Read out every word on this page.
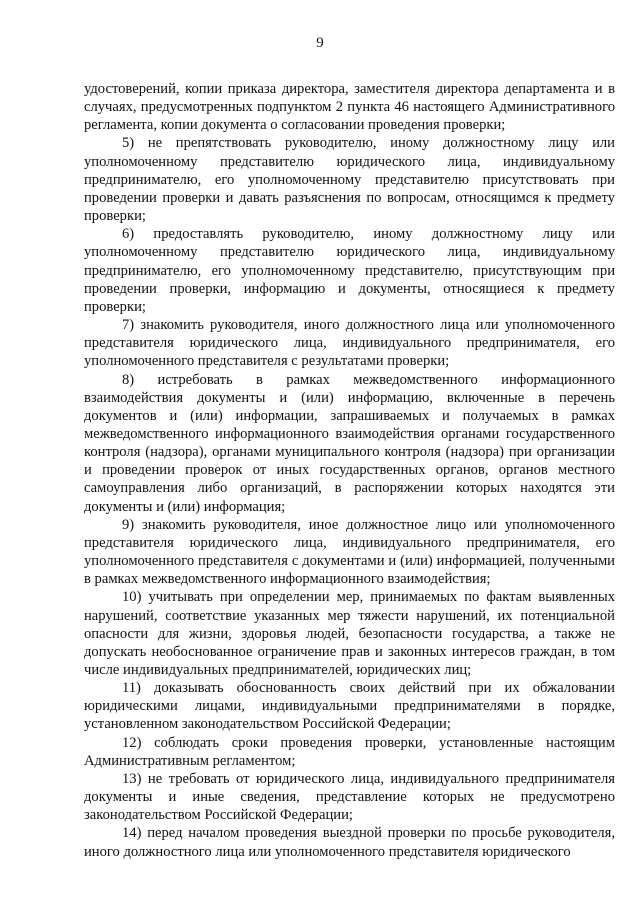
9

удостоверений, копии приказа директора, заместителя директора департамента и в случаях, предусмотренных подпунктом 2 пункта 46 настоящего Административного регламента, копии документа о согласовании проведения проверки;

5) не препятствовать руководителю, иному должностному лицу или уполномоченному представителю юридического лица, индивидуальному предпринимателю, его уполномоченному представителю присутствовать при проведении проверки и давать разъяснения по вопросам, относящимся к предмету проверки;

6) предоставлять руководителю, иному должностному лицу или уполномоченному представителю юридического лица, индивидуальному предпринимателю, его уполномоченному представителю, присутствующим при проведении проверки, информацию и документы, относящиеся к предмету проверки;

7) знакомить руководителя, иного должностного лица или уполномоченного представителя юридического лица, индивидуального предпринимателя, его уполномоченного представителя с результатами проверки;

8) истребовать в рамках межведомственного информационного взаимодействия документы и (или) информацию, включенные в перечень документов и (или) информации, запрашиваемых и получаемых в рамках межведомственного информационного взаимодействия органами государственного контроля (надзора), органами муниципального контроля (надзора) при организации и проведении проверок от иных государственных органов, органов местного самоуправления либо организаций, в распоряжении которых находятся эти документы и (или) информация;

9) знакомить руководителя, иное должностное лицо или уполномоченного представителя юридического лица, индивидуального предпринимателя, его уполномоченного представителя с документами и (или) информацией, полученными в рамках межведомственного информационного взаимодействия;

10) учитывать при определении мер, принимаемых по фактам выявленных нарушений, соответствие указанных мер тяжести нарушений, их потенциальной опасности для жизни, здоровья людей, безопасности государства, а также не допускать необоснованное ограничение прав и законных интересов граждан, в том числе индивидуальных предпринимателей, юридических лиц;

11) доказывать обоснованность своих действий при их обжаловании юридическими лицами, индивидуальными предпринимателями в порядке, установленном законодательством Российской Федерации;

12) соблюдать сроки проведения проверки, установленные настоящим Административным регламентом;

13) не требовать от юридического лица, индивидуального предпринимателя документы и иные сведения, представление которых не предусмотрено законодательством Российской Федерации;

14) перед началом проведения выездной проверки по просьбе руководителя, иного должностного лица или уполномоченного представителя юридического
